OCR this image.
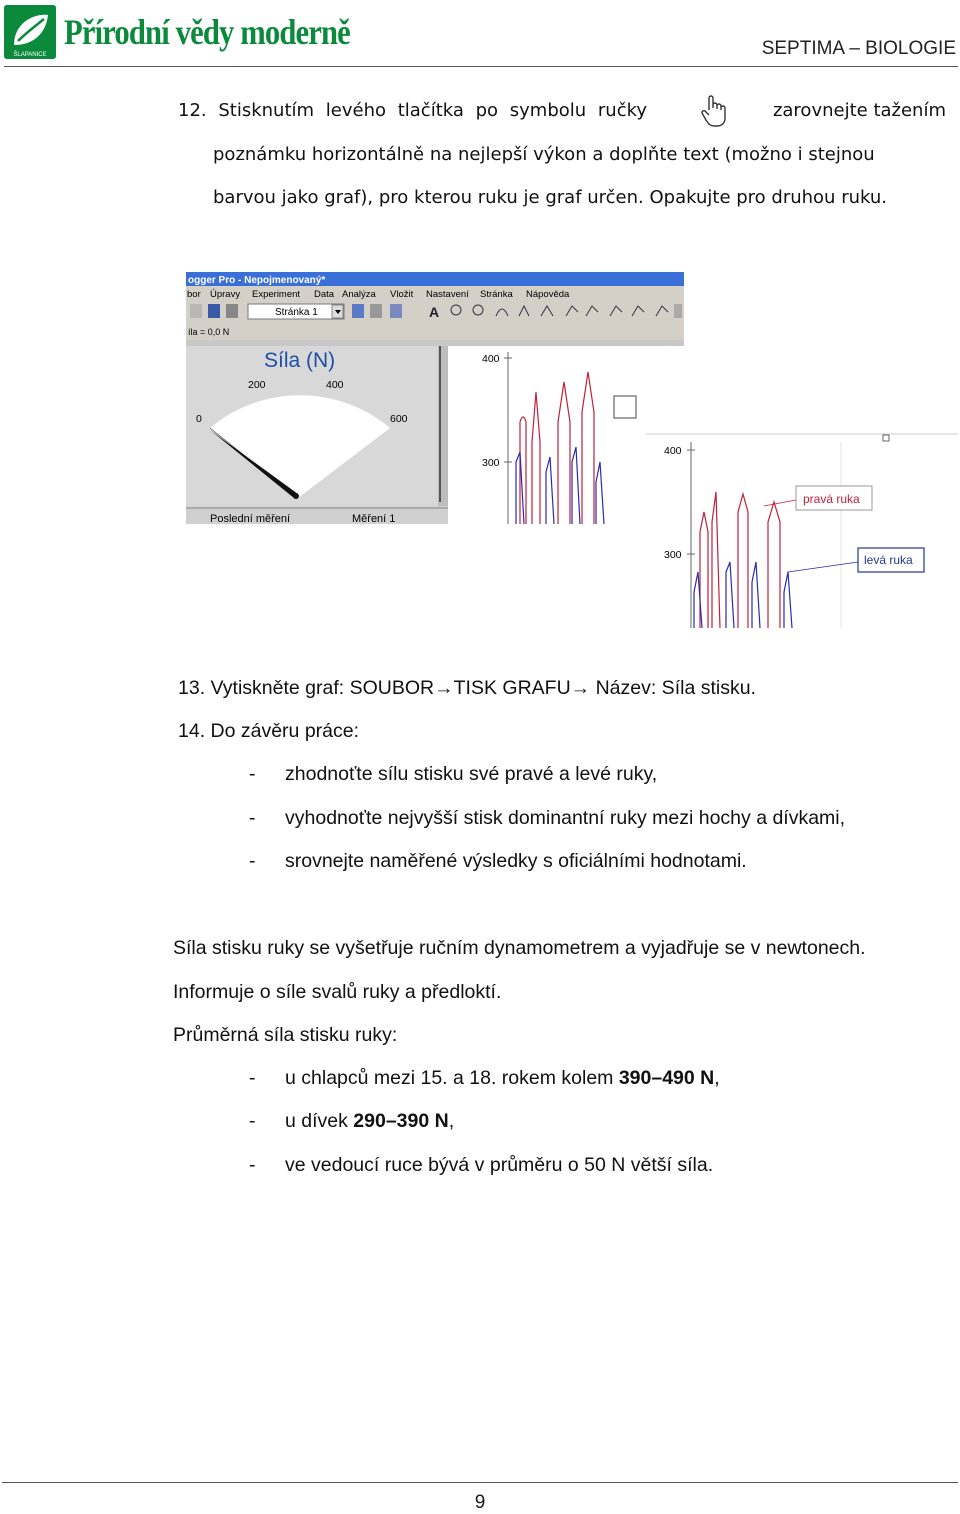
ŠLAPANICE
Přírodní vědy moderně	SEPTIMA – BIOLOGIE
12. Stisknutím levého tlačítka po symbolu ručky	zarovnejte tažením
poznámku horizontálně na nejlepší výkon a doplňte text (možno i stejnou
barvou jako graf), pro kterou ruku je graf určen. Opakujte pro druhou ruku.
ogger Pro - Nepojmenovaný*
bor Úpravy Experiment Data Analýza Vložit Nastavení Stránka Nápověda
Stránka 1	A
íla = 0,0 N
Síla (N)
0
200	400
600
Poslední měření	Měření 1
400
300
400
300
pravá ruka
levá ruka
13. Vytiskněte graf: SOUBOR→TISK GRAFU→ Název: Síla stisku.
14. Do závěru práce:
- zhodnoťte sílu stisku své pravé a levé ruky,
- vyhodnoťte nejvyšší stisk dominantní ruky mezi hochy a dívkami,
- srovnejte naměřené výsledky s oficiálními hodnotami.
Síla stisku ruky se vyšetřuje ručním dynamometrem a vyjadřuje se v newtonech.
Informuje o síle svalů ruky a předloktí.
Průměrná síla stisku ruky:
- u chlapců mezi 15. a 18. rokem kolem 390–490 N,
- u dívek 290–390 N,
- ve vedoucí ruce bývá v průměru o 50 N větší síla.
9
